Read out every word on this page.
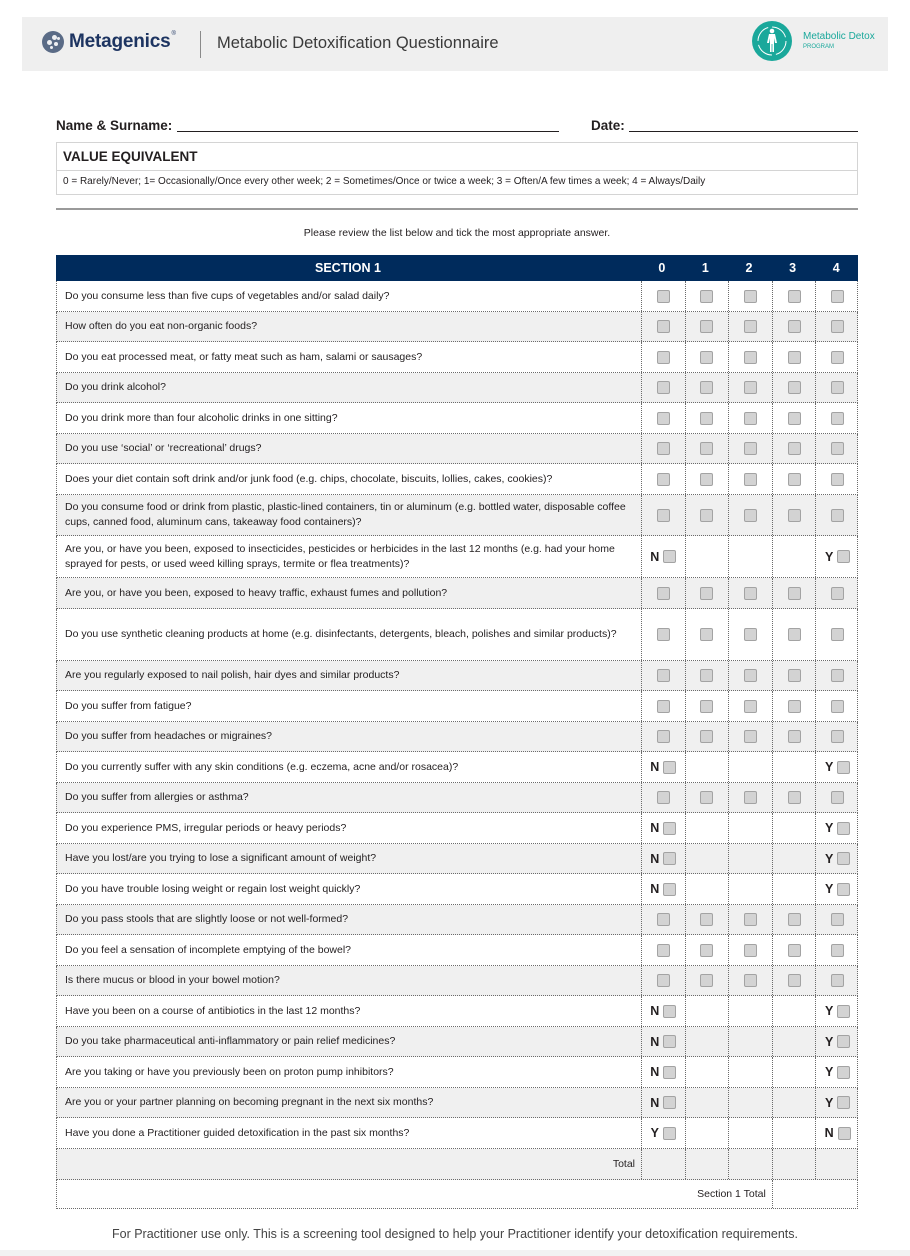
Metagenics®	Metabolic Detoxification Questionnaire	Metabolic Detox
PROGRAM
Name & Surname:	Date:
VALUE EQUIVALENT
0 = Rarely/Never; 1= Occasionally/Once every other week; 2 = Sometimes/Once or twice a week; 3 = Often/A few times a week; 4 = Always/Daily
Please review the list below and tick the most appropriate answer.
SECTION 1	0	1	2	3	4
Do you consume less than five cups of vegetables and/or salad daily?
How often do you eat non-organic foods?
Do you eat processed meat, or fatty meat such as ham, salami or sausages?
Do you drink alcohol?
Do you drink more than four alcoholic drinks in one sitting?
Do you use ‘social’ or ‘recreational’ drugs?
Does your diet contain soft drink and/or junk food (e.g. chips, chocolate, biscuits, lollies, cakes, cookies)?
Do you consume food or drink from plastic, plastic-lined containers, tin or aluminum (e.g. bottled water, disposable coffee cups, canned food, aluminum cans, takeaway food containers)?
Are you, or have you been, exposed to insecticides, pesticides or herbicides in the last 12 months (e.g. had your home sprayed for pests, or used weed killing sprays, termite or flea treatments)?	N	Y
Are you, or have you been, exposed to heavy traffic, exhaust fumes and pollution?
Do you use synthetic cleaning products at home (e.g. disinfectants, detergents, bleach, polishes and similar products)?
Are you regularly exposed to nail polish, hair dyes and similar products?
Do you suffer from fatigue?
Do you suffer from headaches or migraines?
Do you currently suffer with any skin conditions (e.g. eczema, acne and/or rosacea)?	N	Y
Do you suffer from allergies or asthma?
Do you experience PMS, irregular periods or heavy periods?	N	Y
Have you lost/are you trying to lose a significant amount of weight?	N	Y
Do you have trouble losing weight or regain lost weight quickly?	N	Y
Do you pass stools that are slightly loose or not well-formed?
Do you feel a sensation of incomplete emptying of the bowel?
Is there mucus or blood in your bowel motion?
Have you been on a course of antibiotics in the last 12 months?	N	Y
Do you take pharmaceutical anti-inflammatory or pain relief medicines?	N	Y
Are you taking or have you previously been on proton pump inhibitors?	N	Y
Are you or your partner planning on becoming pregnant in the next six months?	N	Y
Have you done a Practitioner guided detoxification in the past six months?	Y	N
Total
Section 1 Total
For Practitioner use only. This is a screening tool designed to help your Practitioner identify your detoxification requirements.
